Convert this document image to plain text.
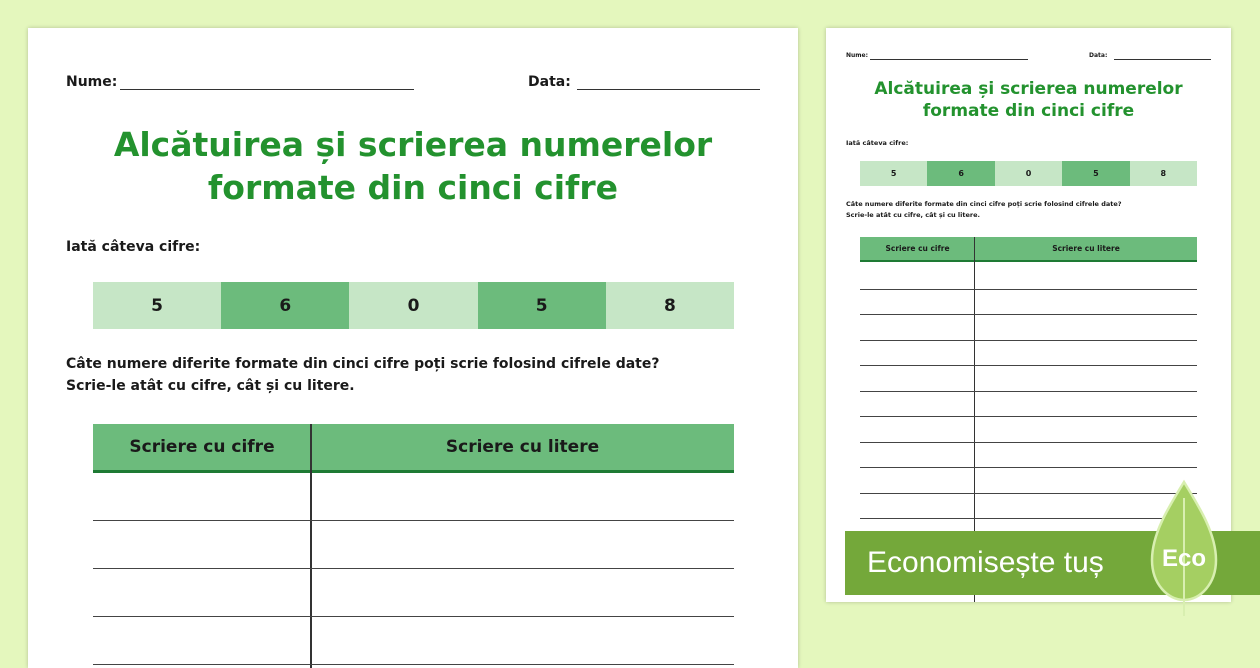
Nume:	Data:
Alcătuirea și scrierea numerelor
formate din cinci cifre
Iată câteva cifre:
5	6	0	5	8
Câte numere diferite formate din cinci cifre poți scrie folosind cifrele date?
Scrie-le atât cu cifre, cât și cu litere.
Scriere cu cifre	Scriere cu litere
Nume:	Data:
Alcătuirea și scrierea numerelor
formate din cinci cifre
Iată câteva cifre:
5	6	0	5	8
Câte numere diferite formate din cinci cifre poți scrie folosind cifrele date?
Scrie-le atât cu cifre, cât și cu litere.
Scriere cu cifre	Scriere cu litere
Economisește tuș	Eco
